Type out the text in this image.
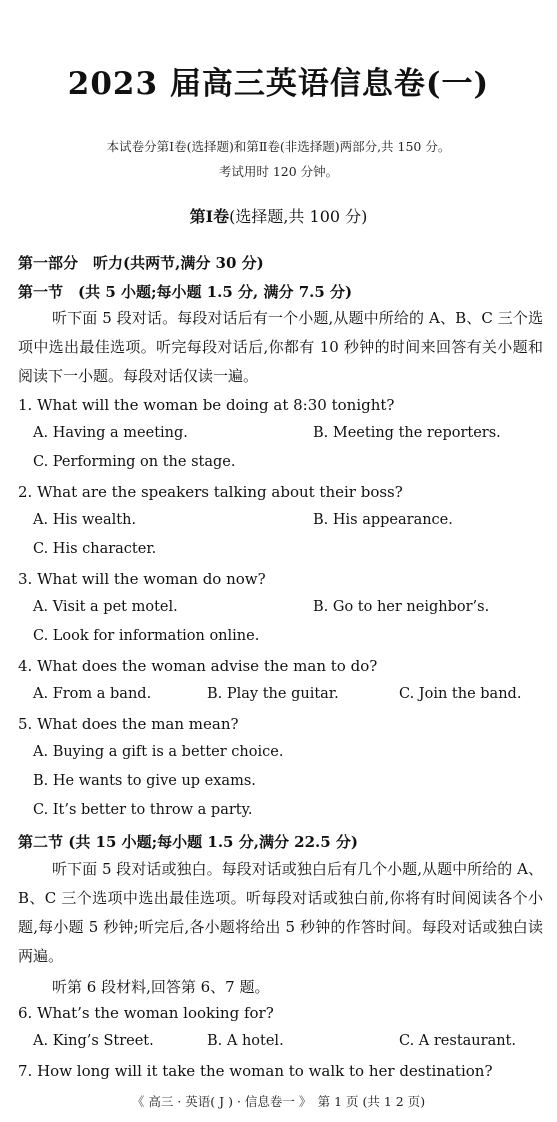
2023 届高三英语信息卷(一)
本试卷分第Ⅰ卷(选择题)和第Ⅱ卷(非选择题)两部分,共 150 分。
考试用时 120 分钟。
第Ⅰ卷(选择题,共 100 分)
第一部分　听力(共两节,满分 30 分)
第一节　(共 5 小题;每小题 1.5 分, 满分 7.5 分)
听下面 5 段对话。每段对话后有一个小题,从题中所给的 A、B、C 三个选项中选出最佳选项。听完每段对话后,你都有 10 秒钟的时间来回答有关小题和阅读下一小题。每段对话仅读一遍。
1. What will the woman be doing at 8:30 tonight?
A. Having a meeting.	B. Meeting the reporters.
C. Performing on the stage.
2. What are the speakers talking about their boss?
A. His wealth.	B. His appearance.
C. His character.
3. What will the woman do now?
A. Visit a pet motel.	B. Go to her neighbor’s.
C. Look for information online.
4. What does the woman advise the man to do?
A. From a band.	B. Play the guitar.	C. Join the band.
5. What does the man mean?
A. Buying a gift is a better choice.
B. He wants to give up exams.
C. It’s better to throw a party.
第二节 (共 15 小题;每小题 1.5 分,满分 22.5 分)
听下面 5 段对话或独白。每段对话或独白后有几个小题,从题中所给的 A、B、C 三个选项中选出最佳选项。听每段对话或独白前,你将有时间阅读各个小题,每小题 5 秒钟;听完后,各小题将给出 5 秒钟的作答时间。每段对话或独白读两遍。
听第 6 段材料,回答第 6、7 题。
6. What’s the woman looking for?
A. King’s Street.	B. A hotel.	C. A restaurant.
7. How long will it take the woman to walk to her destination?
《 高三 · 英语( J ) · 信息卷一 》　第 1 页 (共 1 2 页)
